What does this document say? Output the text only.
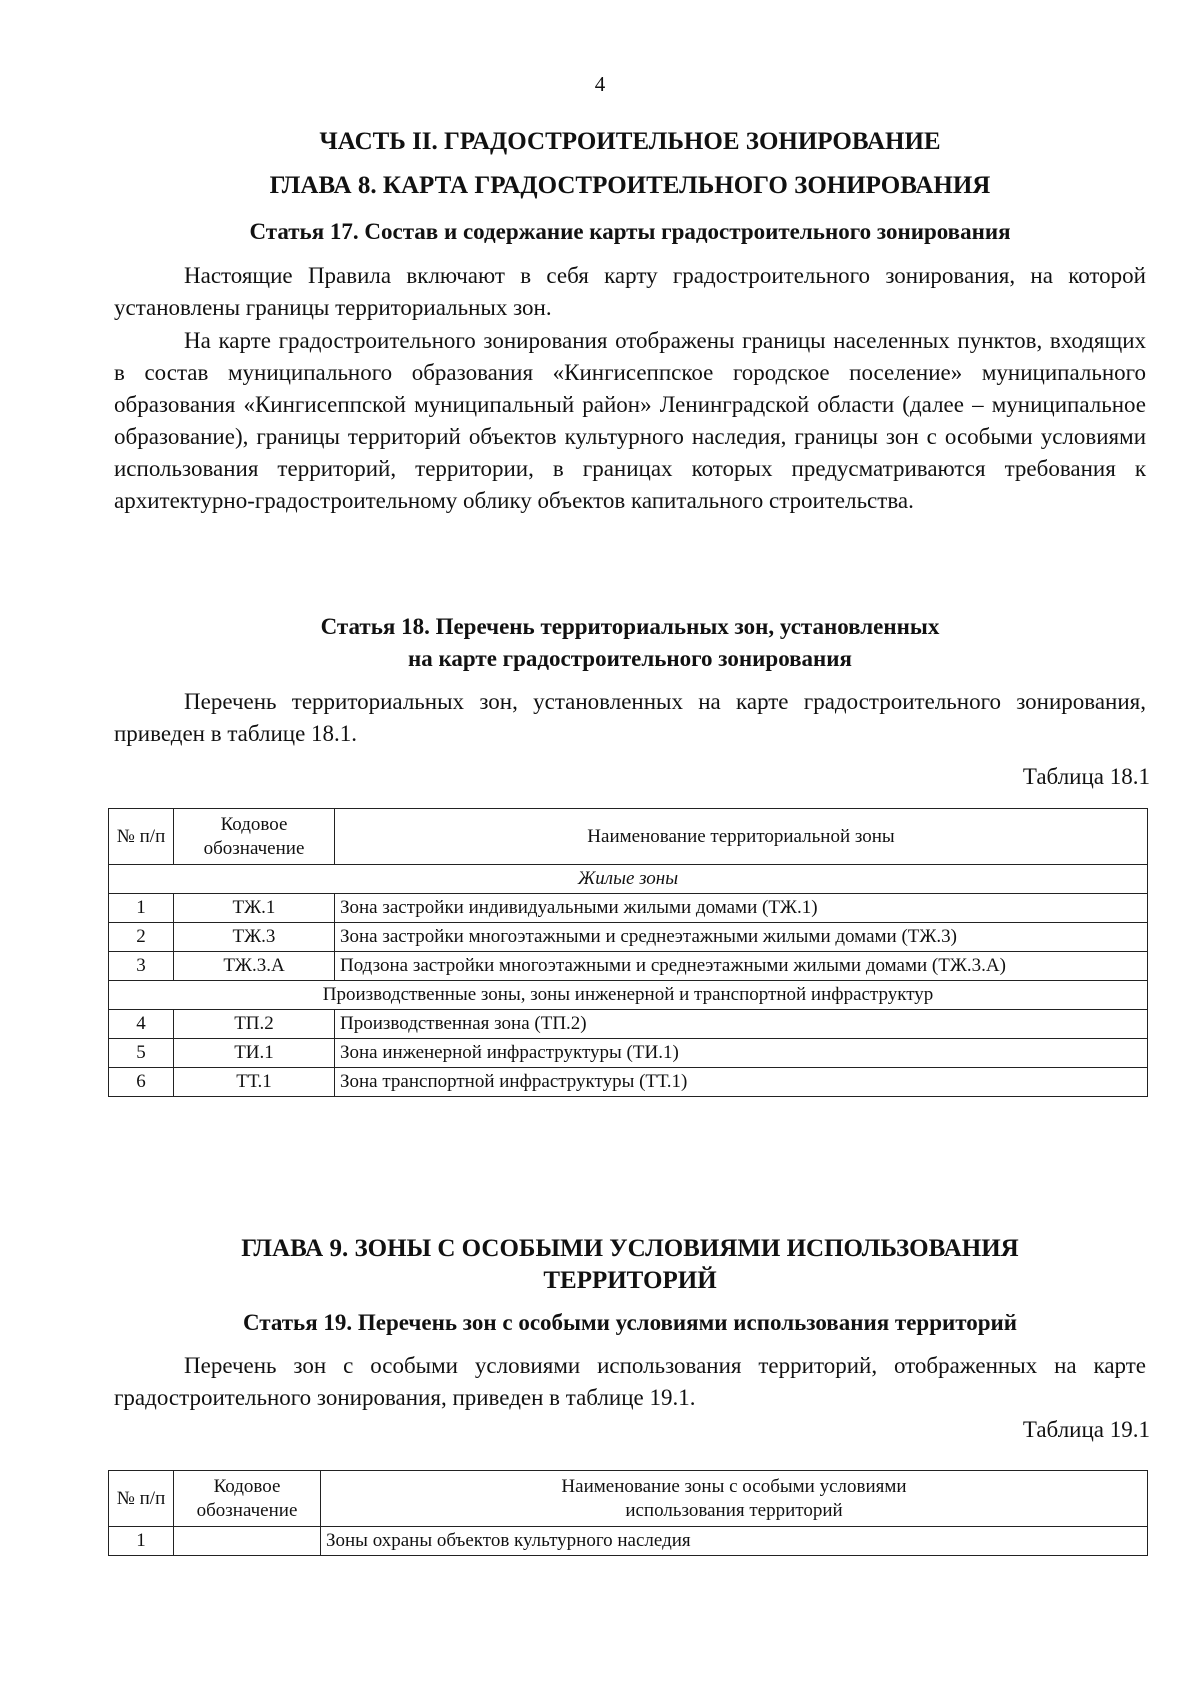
4
ЧАСТЬ II. ГРАДОСТРОИТЕЛЬНОЕ ЗОНИРОВАНИЕ
ГЛАВА 8. КАРТА ГРАДОСТРОИТЕЛЬНОГО ЗОНИРОВАНИЯ
Статья 17. Состав и содержание карты градостроительного зонирования

Настоящие Правила включают в себя карту градостроительного зонирования, на которой установлены границы территориальных зон.

На карте градостроительного зонирования отображены границы населенных пунктов, входящих в состав муниципального образования «Кингисеппское городское поселение» муниципального образования «Кингисеппской муниципальный район» Ленинградской области (далее – муниципальное образование), границы территорий объектов культурного наследия, границы зон с особыми условиями использования территорий, территории, в границах которых предусматриваются требования к архитектурно-градостроительному облику объектов капитального строительства.

Статья 18. Перечень территориальных зон, установленных
на карте градостроительного зонирования

Перечень территориальных зон, установленных на карте градостроительного зонирования, приведен в таблице 18.1.

Таблица 18.1
№ п/п	Кодовое обозначение	Наименование территориальной зоны
Жилые зоны		
1	ТЖ.1	Зона застройки индивидуальными жилыми домами (ТЖ.1)
2	ТЖ.3	Зона застройки многоэтажными и среднеэтажными жилыми домами (ТЖ.3)
3	ТЖ.3.А	Подзона застройки многоэтажными и среднеэтажными жилыми домами (ТЖ.3.А)
Производственные зоны, зоны инженерной и транспортной инфраструктур		
4	ТП.2	Производственная зона (ТП.2)
5	ТИ.1	Зона инженерной инфраструктуры (ТИ.1)
6	ТТ.1	Зона транспортной инфраструктуры (ТТ.1)
ГЛАВА 9. ЗОНЫ С ОСОБЫМИ УСЛОВИЯМИ ИСПОЛЬЗОВАНИЯ
ТЕРРИТОРИЙ
Статья 19. Перечень зон с особыми условиями использования территорий

Перечень зон с особыми условиями использования территорий, отображенных на карте градостроительного зонирования, приведен в таблице 19.1.

Таблица 19.1
№ п/п	Кодовое обозначение	Наименование зоны с особыми условиями
использования территорий
1		Зоны охраны объектов культурного наследия
